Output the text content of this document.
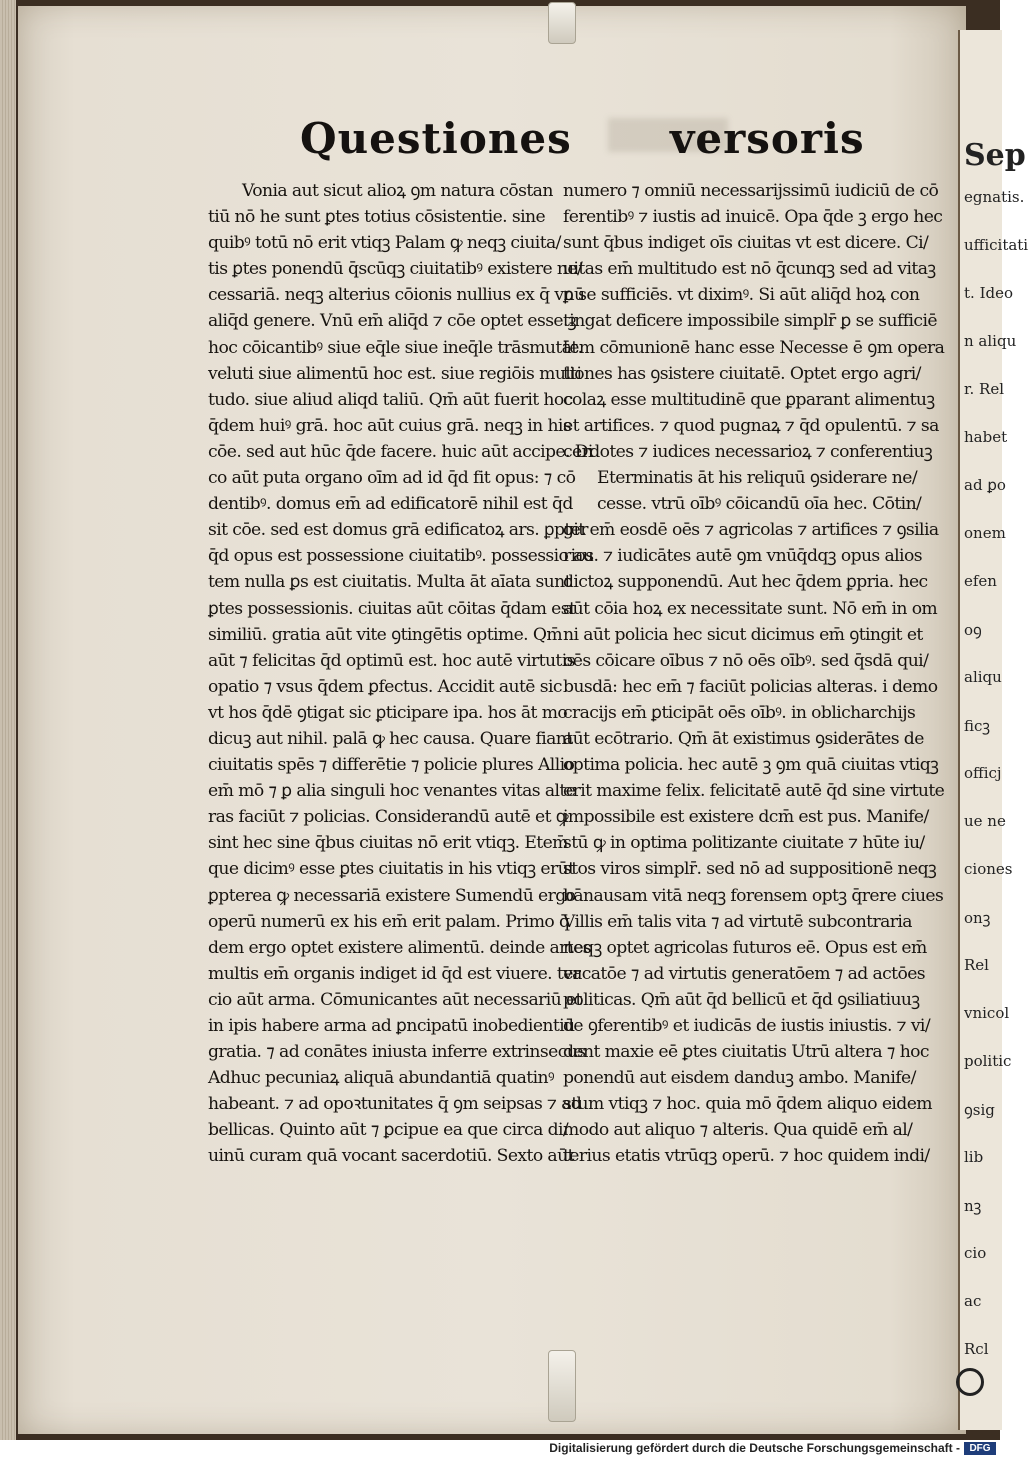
Questiones versoris
Vonia aut sicut alioꝝ ꝯm natura cōstan
tiū nō he sunt ꝑtes totius cōsistentie. sine
quibꝰ totū nō erit vtiqꝫ Palam ꝙ neqꝫ ciuita/
tis ꝑtes ponendū q̄scūqꝫ ciuitatibꝰ existere ne/
cessariā. neqꝫ alterius cōionis nullius ex q̄ vnū
aliq̄d genere. Vnū em̄ aliq̄d ⁊ cōe optet esse.ꝫ
hoc cōicantibꝰ siue eq̄le siue ineq̄le trāsmutāt.
veluti siue alimentū hoc est. siue regiōis multi
tudo. siue aliud aliqd taliū. Qm̄ aūt fuerit hoc
q̄dem huiꝰ grā. hoc aūt cuius grā. neqꝫ in his
cōe. sed aut hūc q̄de facere. huic aūt accipe. Di
co aūt puta organo oīm ad id q̄d fit opus: ⁊ cō
dentibꝰ. domus em̄ ad edificatorē nihil est q̄d
sit cōe. sed est domus grā edificatoꝝ ars. ꝑpter
q̄d opus est possessione ciuitatibꝰ. possessio au
tem nulla ꝑs est ciuitatis. Multa āt aīata sunt
ꝑtes possessionis. ciuitas aūt cōitas q̄dam est
similiū. gratia aūt vite ꝯtingētis optime. Qm̄
aūt ⁊ felicitas q̄d optimū est. hoc autē virtutis
opatio ⁊ vsus q̄dem ꝑfectus. Accidit autē sic
vt hos q̄dē ꝯtigat sic ꝑticipare ipa. hos āt mo
dicuꝫ aut nihil. palā ꝙ hec causa. Quare fiant
ciuitatis spēs ⁊ differētie ⁊ policie plures Allio
em̄ mō ⁊ ꝑ alia singuli hoc venantes vitas alte
ras faciūt ⁊ policias. Considerandū autē et ꝙ
sint hec sine q̄bus ciuitas nō erit vtiqꝫ. Etem̄
que dicimꝰ esse ꝑtes ciuitatis in his vtiqꝫ erūt
ꝑpterea ꝙ necessariā existere Sumendū ergo
operū numerū ex his em̄ erit palam. Primo q̄
dem ergo optet existere alimentū. deinde artes
multis em̄ organis indiget id q̄d est viuere. ter
cio aūt arma. Cōmunicantes aūt necessariū et
in ipis habere arma ad ꝑncipatū inobedientiū
gratia. ⁊ ad conātes iniusta inferre extrinsecus
Adhuc pecuniaꝝ aliquā abundantiā quatinꝰ
habeant. ⁊ ad opoꝛtunitates q̄ ꝯm seipsas ⁊ ad
bellicas. Quinto aūt ⁊ ꝑcipue ea que circa di/
uinū curam quā vocant sacerdotiū. Sexto aūt
numero ⁊ omniū necessarijssimū iudiciū de cō
ferentibꝰ ⁊ iustis ad inuicē. Opa q̄de ꝫ ergo hec
sunt q̄bus indiget oīs ciuitas vt est dicere. Ci/
uitas em̄ multitudo est nō q̄cunqꝫ sed ad vitaꝫ
ꝑ se sufficiēs. vt diximꝰ. Si aūt aliq̄d hoꝝ con
tingat deficere impossibile simplr̄ ꝑ se sufficiē
tem cōmunionē hanc esse Necesse ē ꝯm opera
tiones has ꝯsistere ciuitatē. Optet ergo agri/
colaꝝ esse multitudinē que ꝑparant alimentuꝫ
et artifices. ⁊ quod pugnaꝝ ⁊ q̄d opulentū. ⁊ sa
cerdotes ⁊ iudices necessarioꝝ ⁊ conferentiuꝫ
Eterminatis āt his reliquū ꝯsiderare ne/
cesse. vtrū oībꝰ cōicandū oīa hec. Cōtin/
git em̄ eosdē oēs ⁊ agricolas ⁊ artifices ⁊ ꝯsilia
rios. ⁊ iudicātes autē ꝯm vnūq̄dqꝫ opus alios
dictoꝝ supponendū. Aut hec q̄dem ꝑpria. hec
aūt cōia hoꝝ ex necessitate sunt. Nō em̄ in om
ni aūt policia hec sicut dicimus em̄ ꝯtingit et
oēs cōicare oībus ⁊ nō oēs oībꝰ. sed q̄sdā qui/
busdā: hec em̄ ⁊ faciūt policias alteras. i demo
cracijs em̄ ꝑticipāt oēs oībꝰ. in oblicharchijs
aūt ecōtrario. Qm̄ āt existimus ꝯsiderātes de
optima policia. hec autē ꝫ ꝯm quā ciuitas vtiqꝫ
erit maxime felix. felicitatē autē q̄d sine virtute
impossibile est existere dcm̄ est pus. Manife/
stū ꝙ in optima politizante ciuitate ⁊ hūte iu/
stos viros simplr̄. sed nō ad suppositionē neqꝫ
bānausam vitā neqꝫ forensem optꝫ q̄rere ciues
Villis em̄ talis vita ⁊ ad virtutē subcontraria
neqꝫ optet agricolas futuros eē. Opus est em̄
vacatōe ⁊ ad virtutis generatōem ⁊ ad actōes
politicas. Qm̄ aūt q̄d bellicū et q̄d ꝯsiliatiuuꝫ
de ꝯferentibꝰ et iudicās de iustis iniustis. ⁊ vi/
dent maxie eē ꝑtes ciuitatis Utrū altera ⁊ hoc
ponendū aut eisdem danduꝫ ambo. Manife/
stum vtiqꝫ ⁊ hoc. quia mō q̄dem aliquo eidem
modo aut aliquo ⁊ alteris. Qua quidē em̄ al/
terius etatis vtrūqꝫ operū. ⁊ hoc quidem indi/
Sep
egnatis.
ufficitati
t. Ideo
n aliqu
r. Rel
habet
ad ꝑo
onem
efen
oꝯ
aliqu
ficꝫ
officj
ue ne
ciones
onꝫ
Rel
vnicol
politic
ꝯsig
lib
nꝫ
cio
ac
Rcl
Digitalisierung gefördert durch die Deutsche Forschungsgemeinschaft - DFG
